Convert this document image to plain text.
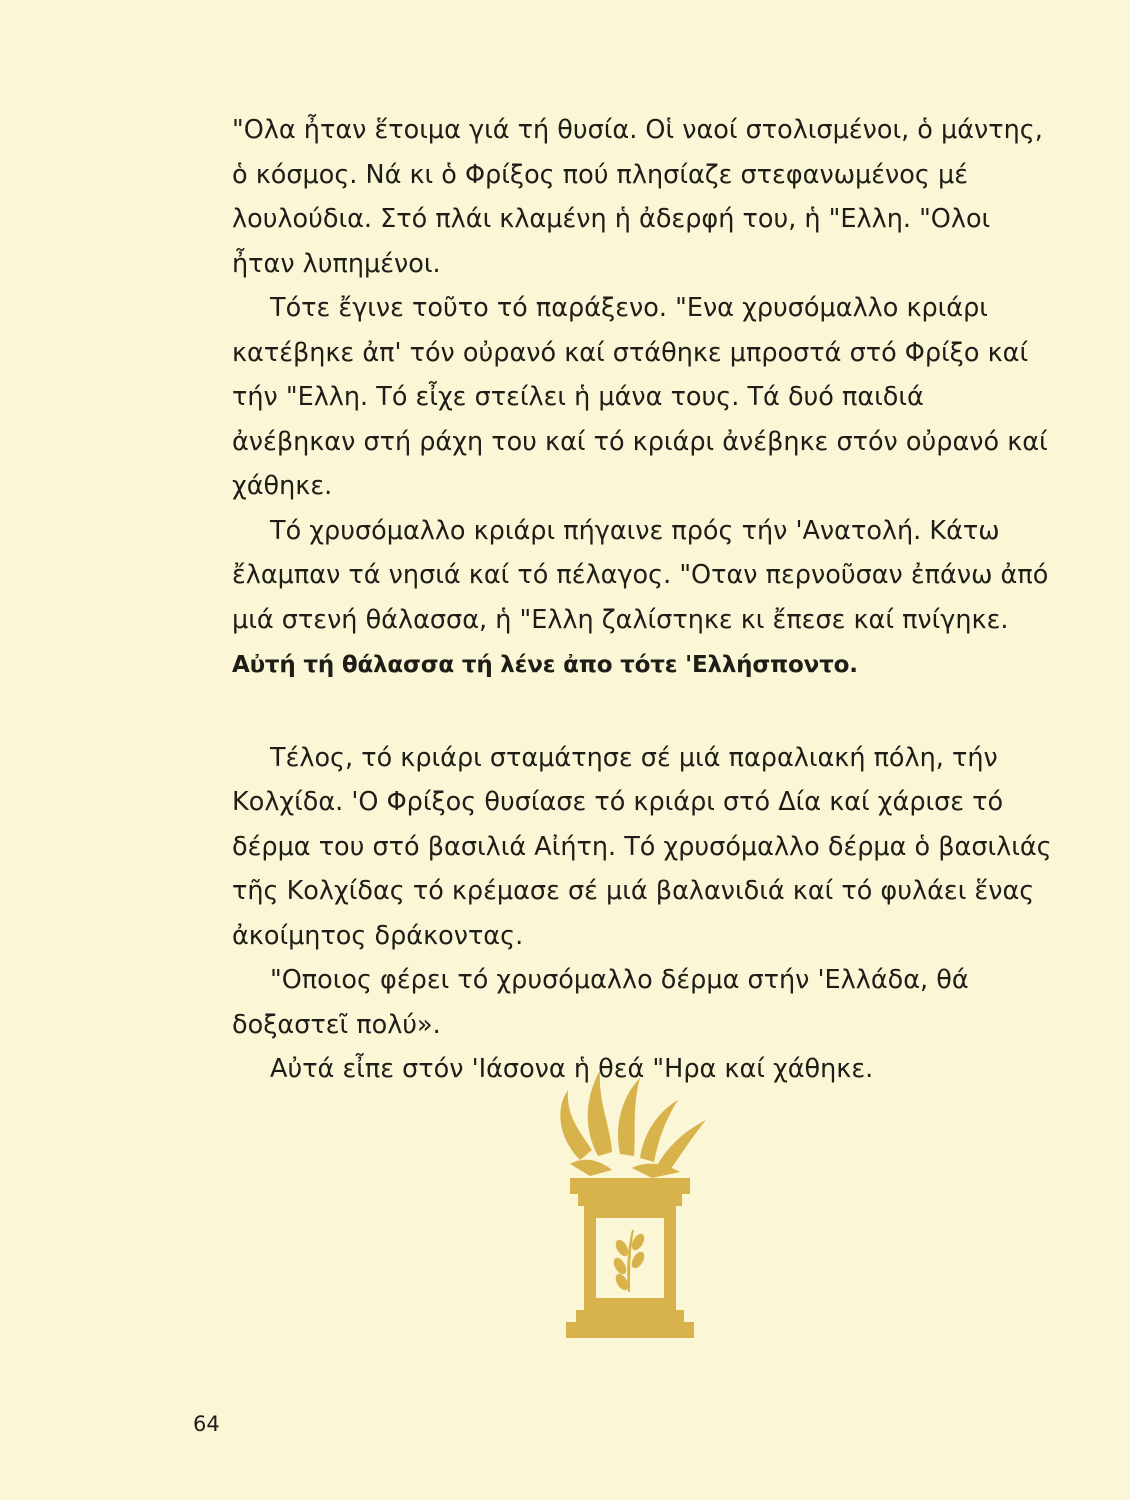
"Ολα ἦταν ἕτοιμα γιά τή θυσία. Οἱ ναοί στολισμένοι, ὁ μάντης, ὁ κόσμος. Νά κι ὁ Φρίξος πού πλησίαζε στεφανωμένος μέ λουλούδια. Στό πλάι κλαμένη ἡ ἀδερφή του, ἡ "Ελλη. "Ολοι ἦταν λυπημένοι.

Τότε ἔγινε τοῦτο τό παράξενο. "Ενα χρυσόμαλλο κριάρι κατέβηκε ἀπ' τόν οὐρανό καί στάθηκε μπροστά στό Φρίξο καί τήν "Ελλη. Τό εἶχε στείλει ἡ μάνα τους. Τά δυό παιδιά ἀνέβηκαν στή ράχη του καί τό κριάρι ἀνέβηκε στόν οὐρανό καί χάθηκε.

Τό χρυσόμαλλο κριάρι πήγαινε πρός τήν 'Ανατολή. Κάτω ἔλαμπαν τά νησιά καί τό πέλαγος. "Οταν περνοῦσαν ἐπάνω ἀπό μιά στενή θάλασσα, ἡ "Ελλη ζαλίστηκε κι ἔπεσε καί πνίγηκε. Αὐτή τή θάλασσα τή λένε ἀπο τότε 'Ελλήσποντο.

Τέλος, τό κριάρι σταμάτησε σέ μιά παραλιακή πόλη, τήν Κολχίδα. 'Ο Φρίξος θυσίασε τό κριάρι στό Δία καί χάρισε τό δέρμα του στό βασιλιά Αἰήτη. Τό χρυσόμαλλο δέρμα ὁ βασιλιάς τῆς Κολχίδας τό κρέμασε σέ μιά βαλανιδιά καί τό φυλάει ἕνας ἀκοίμητος δράκοντας.

"Οποιος φέρει τό χρυσόμαλλο δέρμα στήν 'Ελλάδα, θά δοξαστεῖ πολύ».

Αὐτά εἶπε στόν 'Ιάσονα ἡ θεά "Ηρα καί χάθηκε.

64
